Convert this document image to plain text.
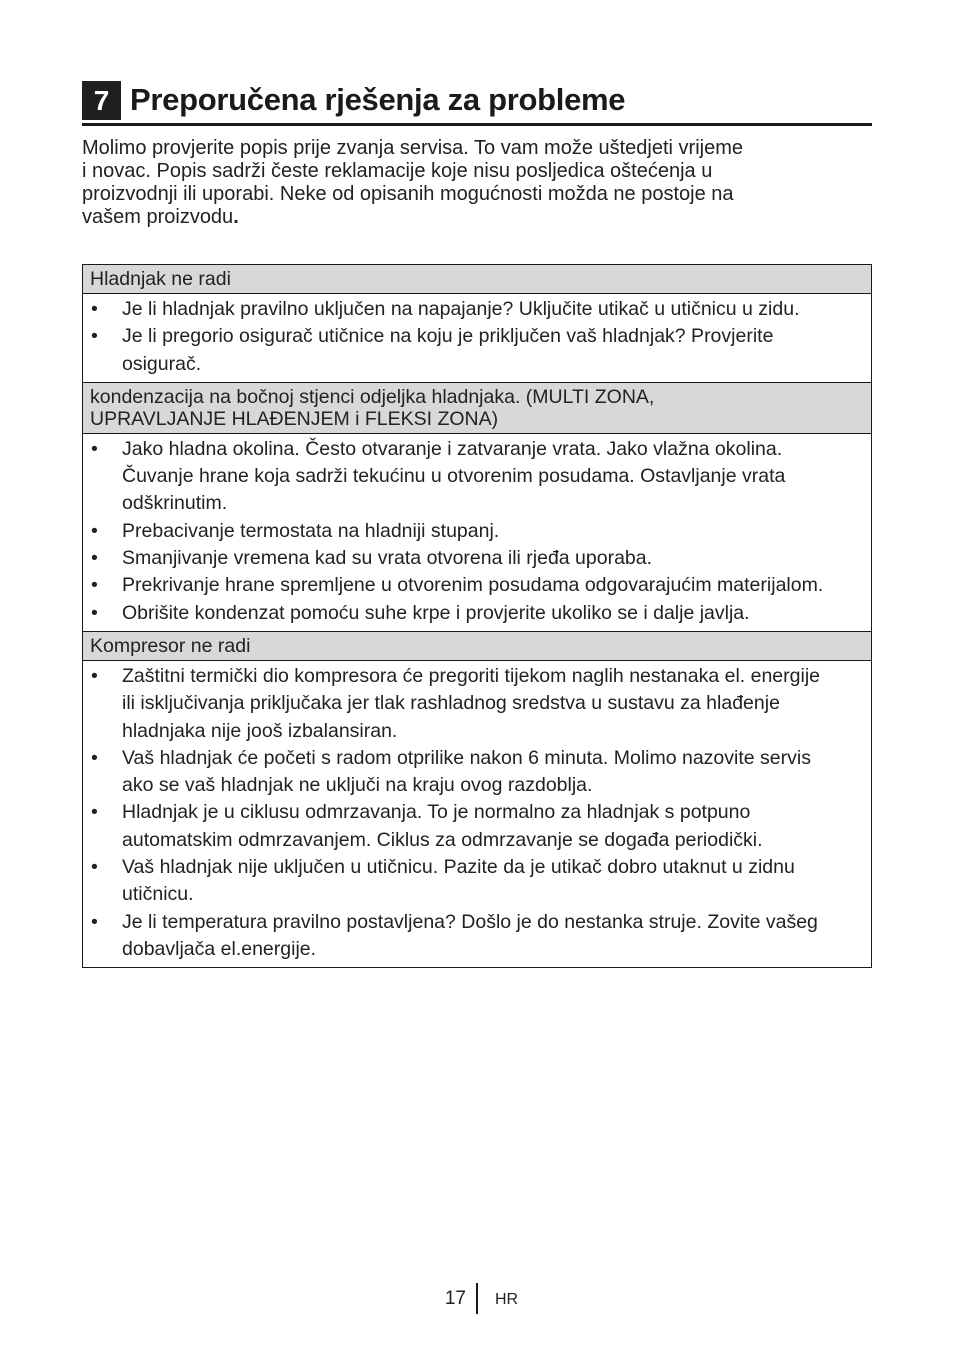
7 Preporučena rješenja za probleme
Molimo provjerite popis prije zvanja servisa. To vam može uštedjeti vrijeme
i novac. Popis sadrži česte reklamacije koje nisu posljedica oštećenja u
proizvodnji ili uporabi. Neke od opisanih mogućnosti možda ne postoje na
vašem proizvodu.
Hladnjak ne radi
• Je li hladnjak pravilno uključen na napajanje? Uključite utikač u utičnicu u zidu.
• Je li pregorio osigurač utičnice na koju je priključen vaš hladnjak? Provjerite
osigurač.
kondenzacija na bočnoj stjenci odjeljka hladnjaka. (MULTI ZONA,
UPRAVLJANJE HLAĐENJEM i FLEKSI ZONA)
• Jako hladna okolina. Često otvaranje i zatvaranje vrata. Jako vlažna okolina.
Čuvanje hrane koja sadrži tekućinu u otvorenim posudama. Ostavljanje vrata
odškrinutim.
• Prebacivanje termostata na hladniji stupanj.
• Smanjivanje vremena kad su vrata otvorena ili rjeđa uporaba.
• Prekrivanje hrane spremljene u otvorenim posudama odgovarajućim materijalom.
• Obrišite kondenzat pomoću suhe krpe i provjerite ukoliko se i dalje javlja.
Kompresor ne radi
• Zaštitni termički dio kompresora će pregoriti tijekom naglih nestanaka el. energije
ili isključivanja priključaka jer tlak rashladnog sredstva u sustavu za hlađenje
hladnjaka nije jooš izbalansiran.
• Vaš hladnjak će početi s radom otprilike nakon 6 minuta. Molimo nazovite servis
ako se vaš hladnjak ne uključi na kraju ovog razdoblja.
• Hladnjak je u ciklusu odmrzavanja. To je normalno za hladnjak s potpuno
automatskim odmrzavanjem. Ciklus za odmrzavanje se događa periodički.
• Vaš hladnjak nije uključen u utičnicu. Pazite da je utikač dobro utaknut u zidnu
utičnicu.
• Je li temperatura pravilno postavljena? Došlo je do nestanka struje. Zovite vašeg
dobavljača el.energije.
17 HR
